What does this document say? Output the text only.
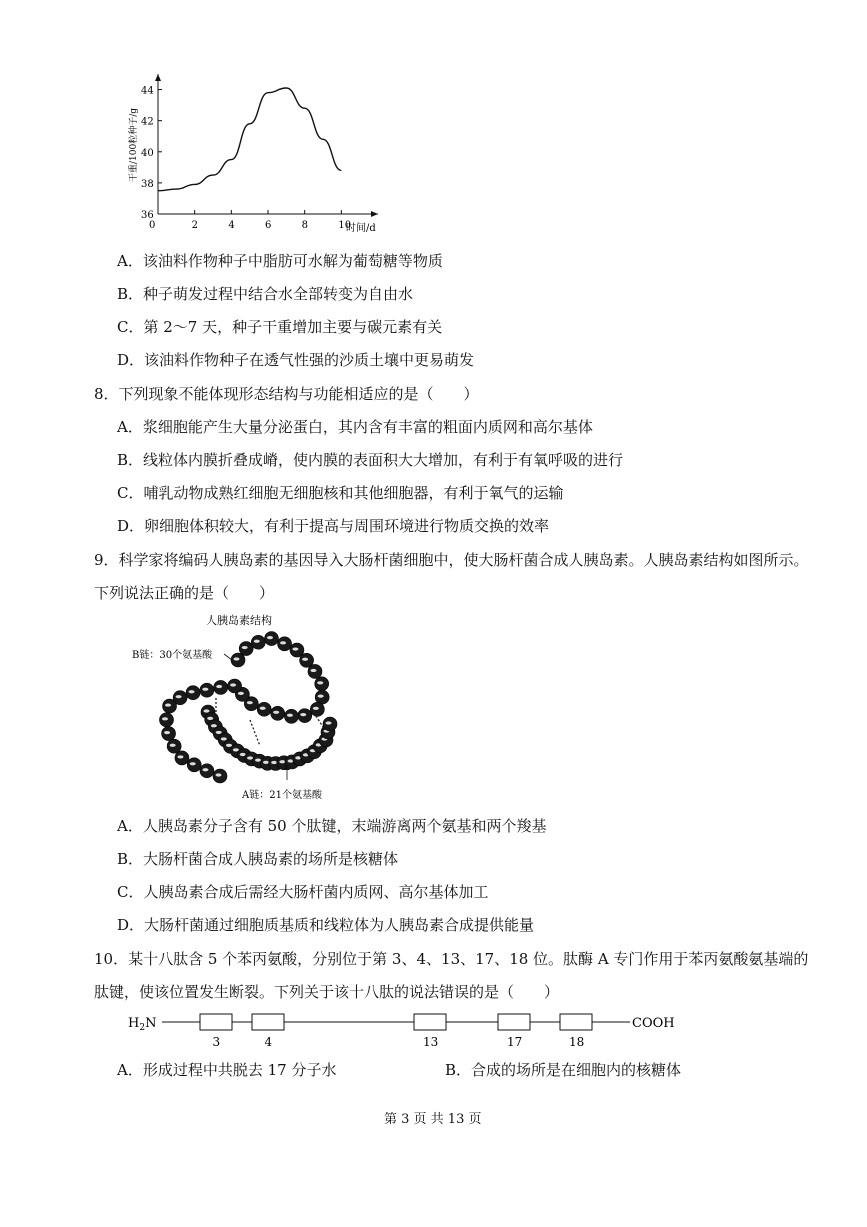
0	2	4	6	8	10
36
38
40
42
44
干重/100粒种子/g
时间/d
A．该油料作物种子中脂肪可水解为葡萄糖等物质
B．种子萌发过程中结合水全部转变为自由水
C．第 2～7 天，种子干重增加主要与碳元素有关
D．该油料作物种子在透气性强的沙质土壤中更易萌发
8．下列现象不能体现形态结构与功能相适应的是（　　）
A．浆细胞能产生大量分泌蛋白，其内含有丰富的粗面内质网和高尔基体
B．线粒体内膜折叠成嵴，使内膜的表面积大大增加，有利于有氧呼吸的进行
C．哺乳动物成熟红细胞无细胞核和其他细胞器，有利于氧气的运输
D．卵细胞体积较大，有利于提高与周围环境进行物质交换的效率
9．科学家将编码人胰岛素的基因导入大肠杆菌细胞中，使大肠杆菌合成人胰岛素。人胰岛素结构如图所示。
下列说法正确的是（　　）
人胰岛素结构
B链：30个氨基酸
A链：21个氨基酸
A．人胰岛素分子含有 50 个肽键，末端游离两个氨基和两个羧基
B．大肠杆菌合成人胰岛素的场所是核糖体
C．人胰岛素合成后需经大肠杆菌内质网、高尔基体加工
D．大肠杆菌通过细胞质基质和线粒体为人胰岛素合成提供能量
10．某十八肽含 5 个苯丙氨酸，分别位于第 3、4、13、17、18 位。肽酶 A 专门作用于苯丙氨酸氨基端的
肽键，使该位置发生断裂。下列关于该十八肽的说法错误的是（　　）
$H_2N$
3	4	13	17	18
COOH
A．形成过程中共脱去 17 分子水	B．合成的场所是在细胞内的核糖体
第 3 页 共 13 页
